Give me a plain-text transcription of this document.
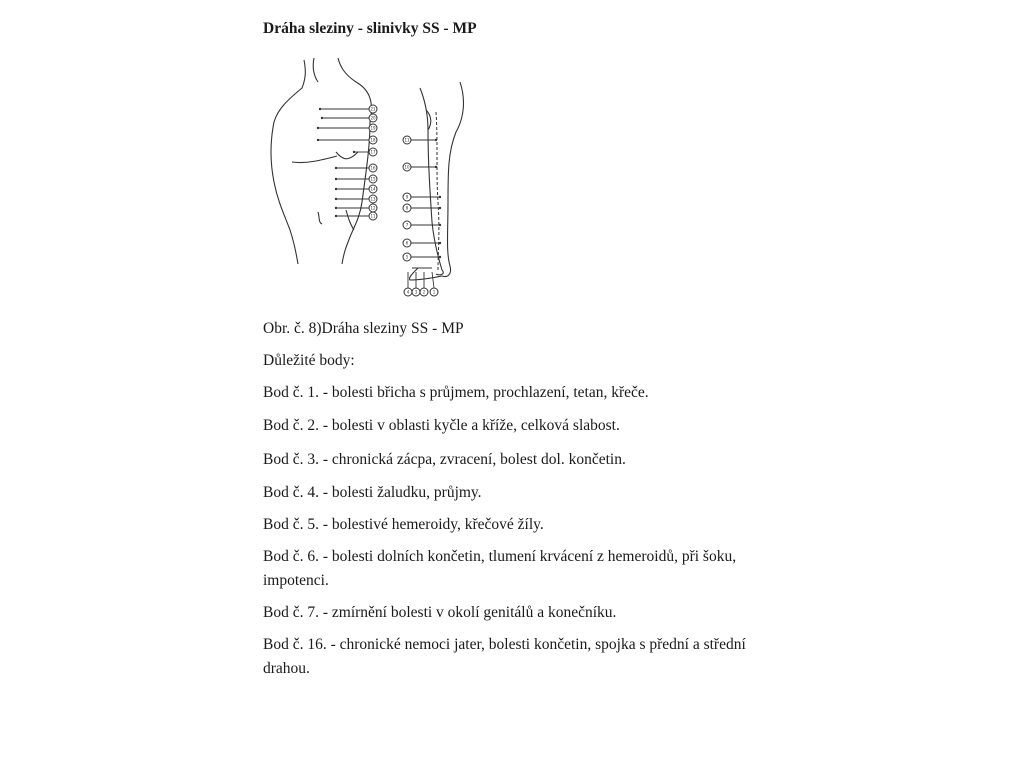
Dráha sleziny - slinivky SS - MP
21
20
19
18
17
16
15
14
13
12
11
11
10
9
8
7
6
5
4 3 2 1

Obr. č. 8)Dráha sleziny SS - MP

Důležité body:

Bod č. 1. - bolesti břicha s průjmem, prochlazení, tetan, křeče.

Bod č. 2. - bolesti v oblasti kyčle a kříže, celková slabost.

Bod č. 3. - chronická zácpa, zvracení, bolest dol. končetin.

Bod č. 4. - bolesti žaludku, průjmy.

Bod č. 5. - bolestivé hemeroidy, křečové žíly.

Bod č. 6. - bolesti dolních končetin, tlumení krvácení z hemeroidů, při šoku, impotenci.

Bod č. 7. - zmírnění bolesti v okolí genitálů a konečníku.

Bod č. 16. - chronické nemoci jater, bolesti končetin, spojka s přední a střední drahou.
